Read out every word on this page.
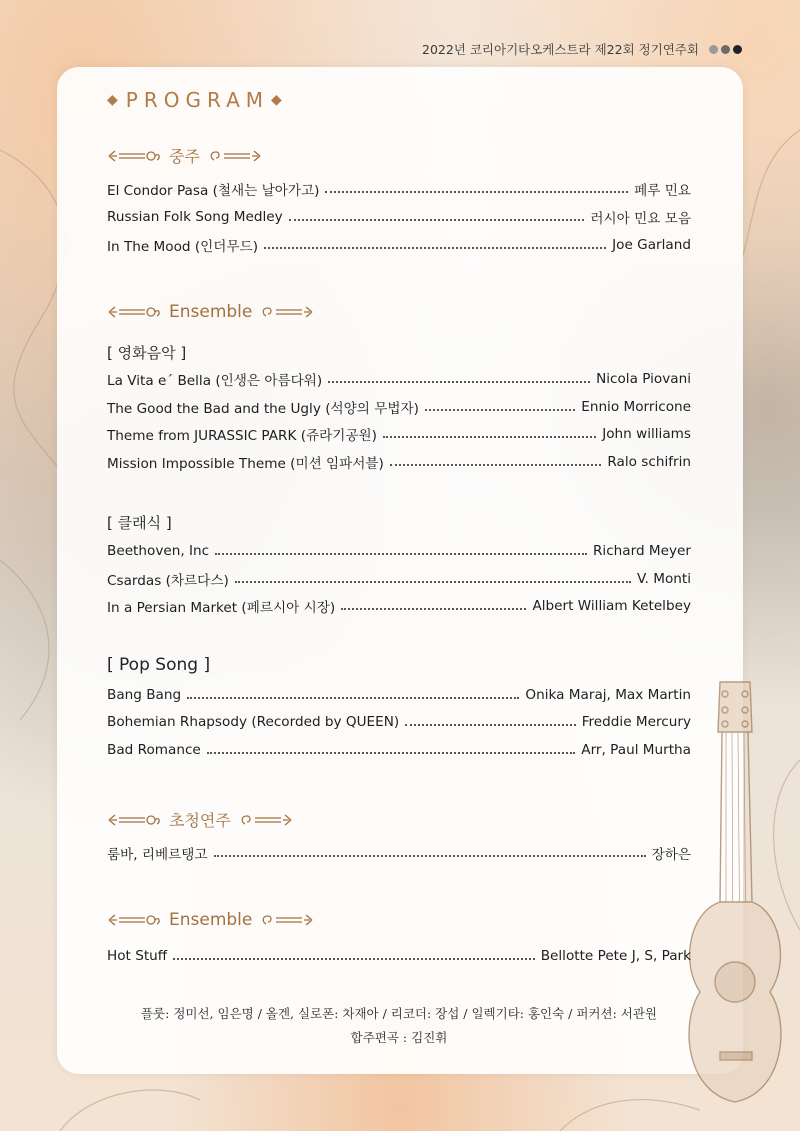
2022년 코리아기타오케스트라 제22회 정기연주회
◆ PROGRAM ◆
중주
El Condor Pasa (철새는 날아가고)	페루 민요
Russian Folk Song Medley	러시아 민요 모음
In The Mood (인더무드)	Joe Garland
Ensemble
[ 영화음악 ]
La Vita e´ Bella (인생은 아름다워)	Nicola Piovani
The Good the Bad and the Ugly (석양의 무법자)	Ennio Morricone
Theme from JURASSIC PARK (쥬라기공원)	John williams
Mission Impossible Theme (미션 임파서블)	Ralo schifrin
[ 클래식 ]
Beethoven, Inc	Richard Meyer
Csardas (차르다스)	V. Monti
In a Persian Market (페르시아 시장)	Albert William Ketelbey
[ Pop Song ]
Bang Bang	Onika Maraj, Max Martin
Bohemian Rhapsody (Recorded by QUEEN)	Freddie Mercury
Bad Romance	Arr, Paul Murtha
초청연주
룸바, 리베르탱고	장하은
Ensemble
Hot Stuff	Bellotte Pete J, S, Park
플룻: 정미선, 임은명 / 올겐, 실로폰: 차재아 / 리코더: 장섭 / 일렉기타: 홍인숙 / 퍼커션: 서관원
합주편곡 : 김진휘
